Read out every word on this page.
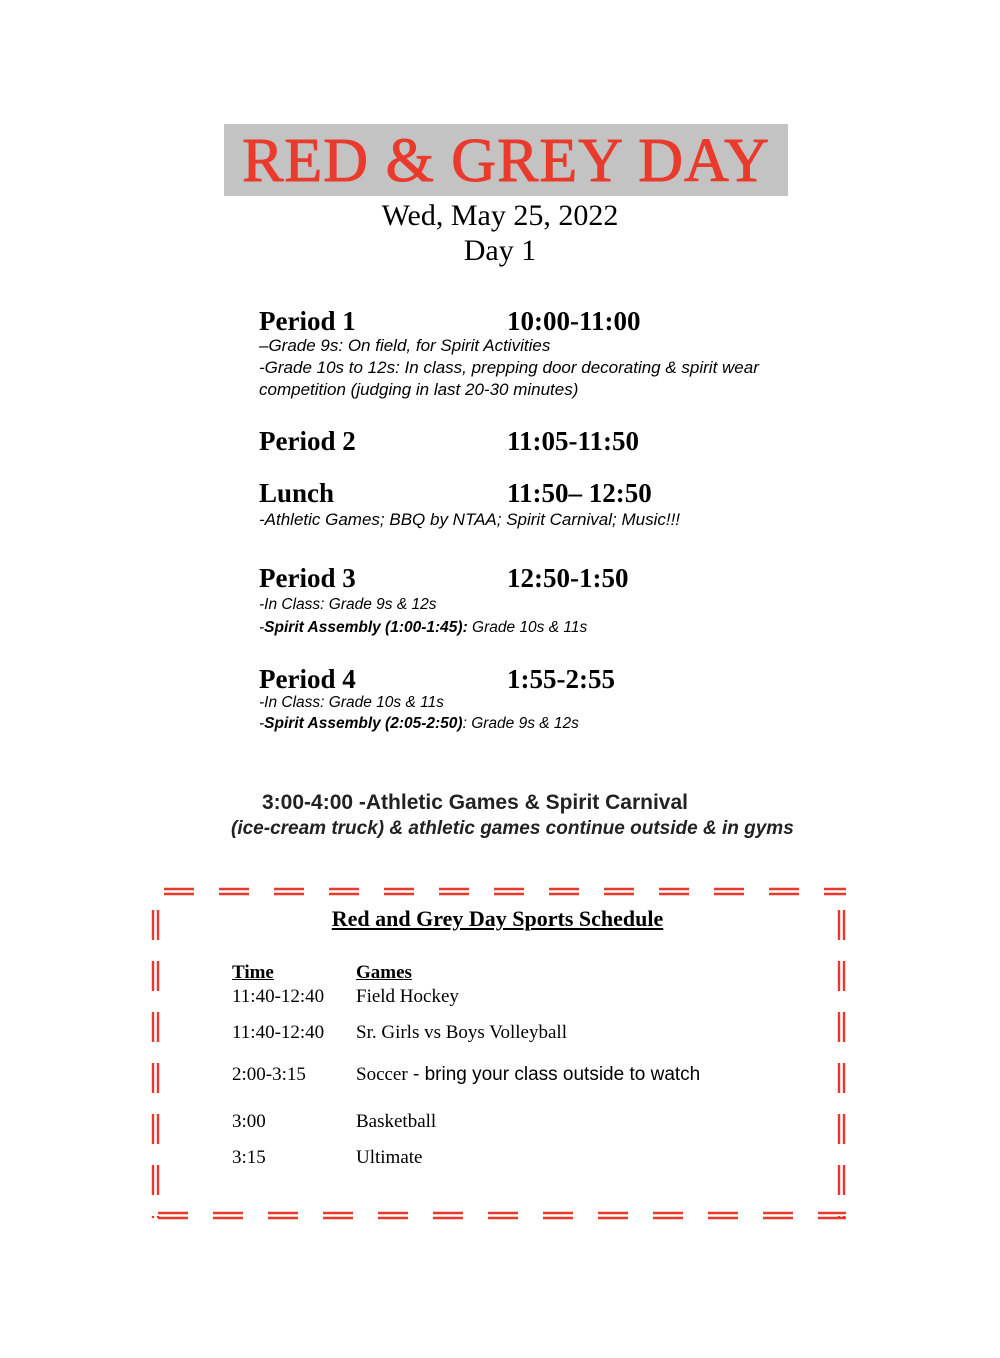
RED & GREY DAY
Wed, May 25, 2022
Day 1
Period 1	10:00-11:00
–Grade 9s: On field, for Spirit Activities
-Grade 10s to 12s: In class, prepping door decorating & spirit wear
competition (judging in last 20-30 minutes)
Period 2	11:05-11:50
Lunch	11:50– 12:50
-Athletic Games; BBQ by NTAA; Spirit Carnival; Music!!!
Period 3	12:50-1:50
-In Class: Grade 9s & 12s
-Spirit Assembly (1:00-1:45): Grade 10s & 11s
Period 4	1:55-2:55
-In Class: Grade 10s & 11s
-Spirit Assembly (2:05-2:50): Grade 9s & 12s
3:00-4:00 -Athletic Games & Spirit Carnival
(ice-cream truck) & athletic games continue outside & in gyms
Red and Grey Day Sports Schedule
Time	Games
11:40-12:40 Field Hockey
11:40-12:40 Sr. Girls vs Boys Volleyball
2:00-3:15	Soccer - bring your class outside to watch
3:00	Basketball
3:15	Ultimate
